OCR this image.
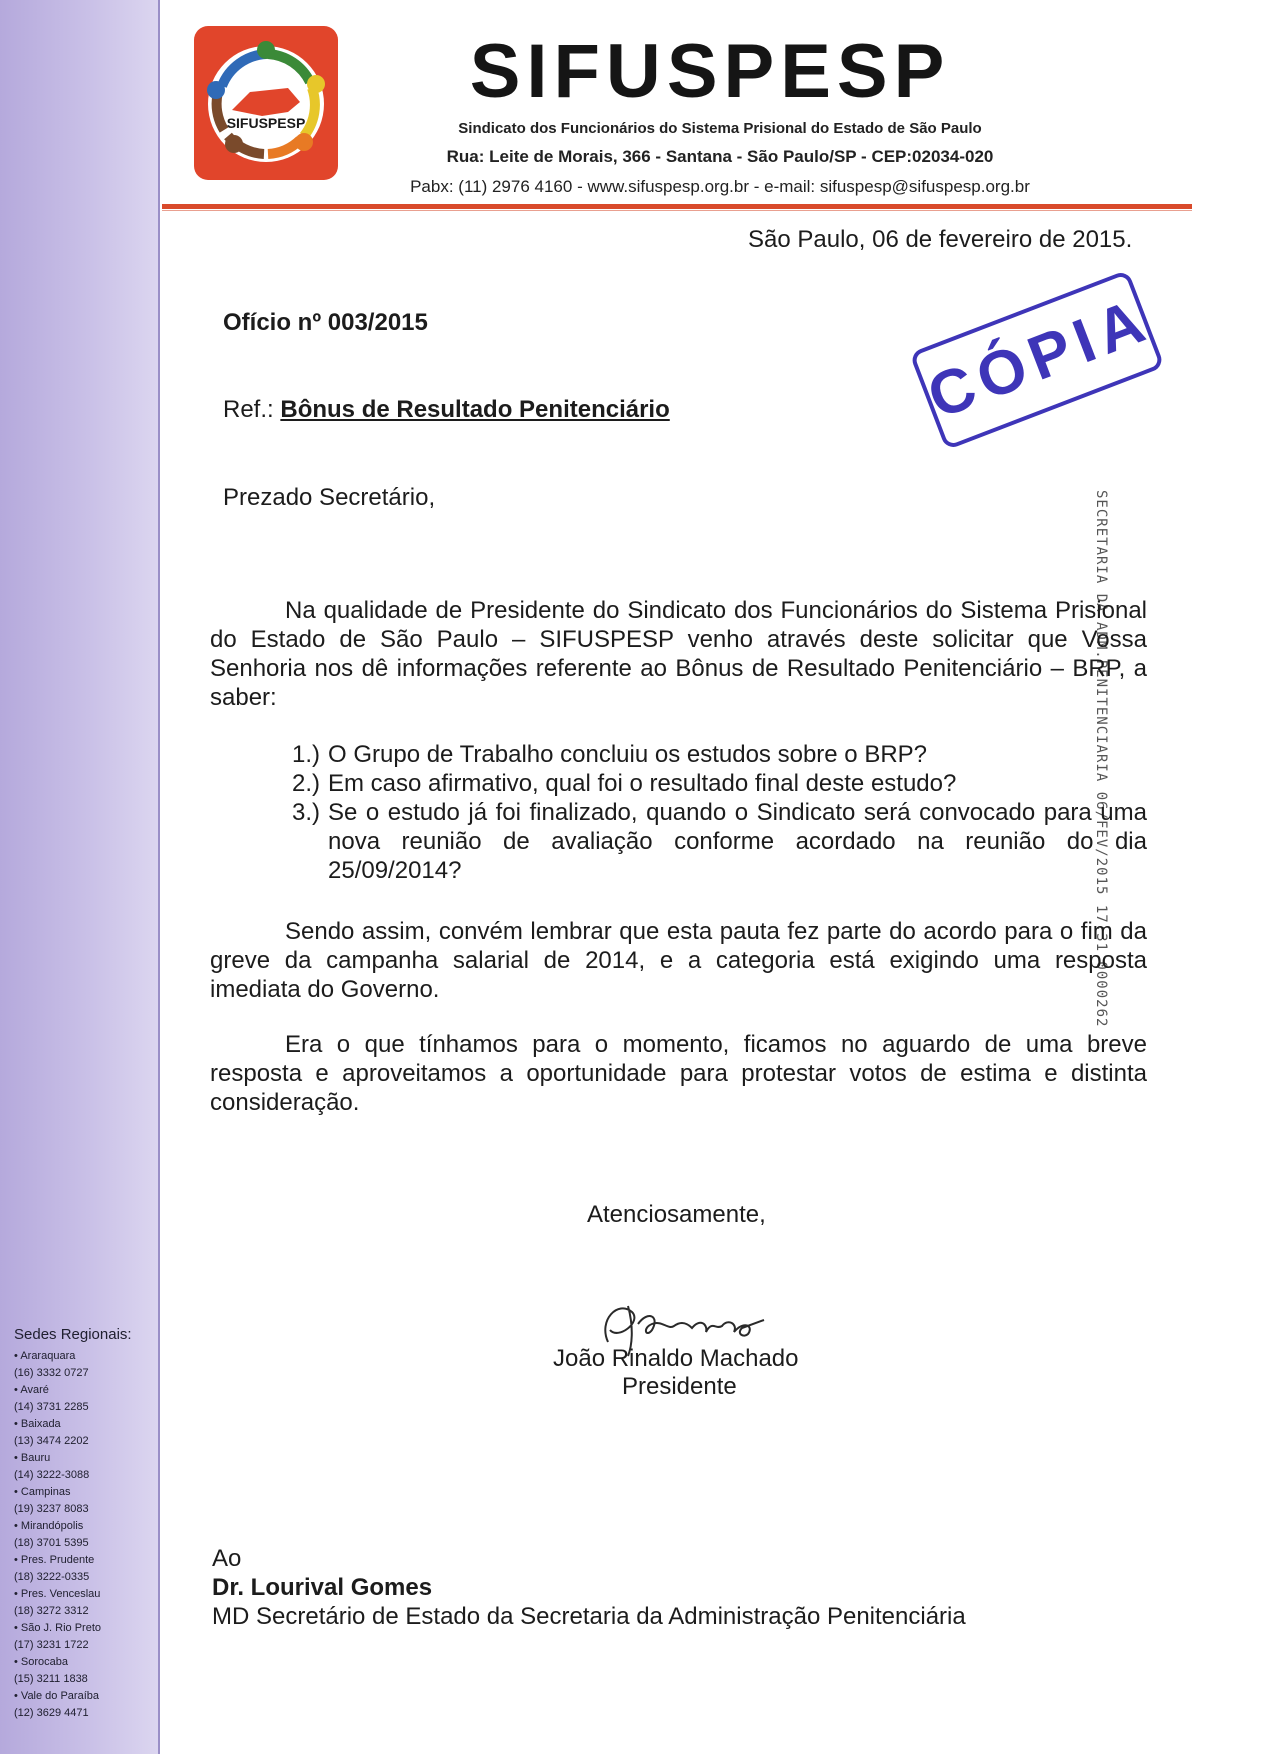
SIFUSPESP
SIFUSPESP
Sindicato dos Funcionários do Sistema Prisional do Estado de São Paulo
Rua: Leite de Morais, 366 - Santana - São Paulo/SP - CEP:02034-020
Pabx: (11) 2976 4160 - www.sifuspesp.org.br - e-mail: sifuspesp@sifuspesp.org.br
São Paulo, 06 de fevereiro de 2015.
Ofício nº 003/2015
Ref.: Bônus de Resultado Penitenciário	CÓPIA
SECRETARIA DA ADM.PENITENCIARIA 06/FEV/2015 17:31 0000262
Prezado Secretário,

Na qualidade de Presidente do Sindicato dos Funcionários do Sistema Prisional do Estado de São Paulo – SIFUSPESP venho através deste solicitar que Vossa Senhoria nos dê informações referente ao Bônus de Resultado Penitenciário – BRP, a saber:

1.) O Grupo de Trabalho concluiu os estudos sobre o BRP?
2.) Em caso afirmativo, qual foi o resultado final deste estudo?
3.) Se o estudo já foi finalizado, quando o Sindicato será convocado para uma nova reunião de avaliação conforme acordado na reunião do dia 25/09/2014?

Sendo assim, convém lembrar que esta pauta fez parte do acordo para o fim da greve da campanha salarial de 2014, e a categoria está exigindo uma resposta imediata do Governo.

Era o que tínhamos para o momento, ficamos no aguardo de uma breve resposta e aproveitamos a oportunidade para protestar votos de estima e distinta consideração.

Atenciosamente,
João Rinaldo Machado
Presidente
Ao
Dr. Lourival Gomes
MD Secretário de Estado da Secretaria da Administração Penitenciária
Sedes Regionais:
• Araraquara
(16) 3332 0727
• Avaré
(14) 3731 2285
• Baixada
(13) 3474 2202
• Bauru
(14) 3222-3088
• Campinas
(19) 3237 8083
• Mirandópolis
(18) 3701 5395
• Pres. Prudente
(18) 3222-0335
• Pres. Venceslau
(18) 3272 3312
• São J. Rio Preto
(17) 3231 1722
• Sorocaba
(15) 3211 1838
• Vale do Paraíba
(12) 3629 4471
